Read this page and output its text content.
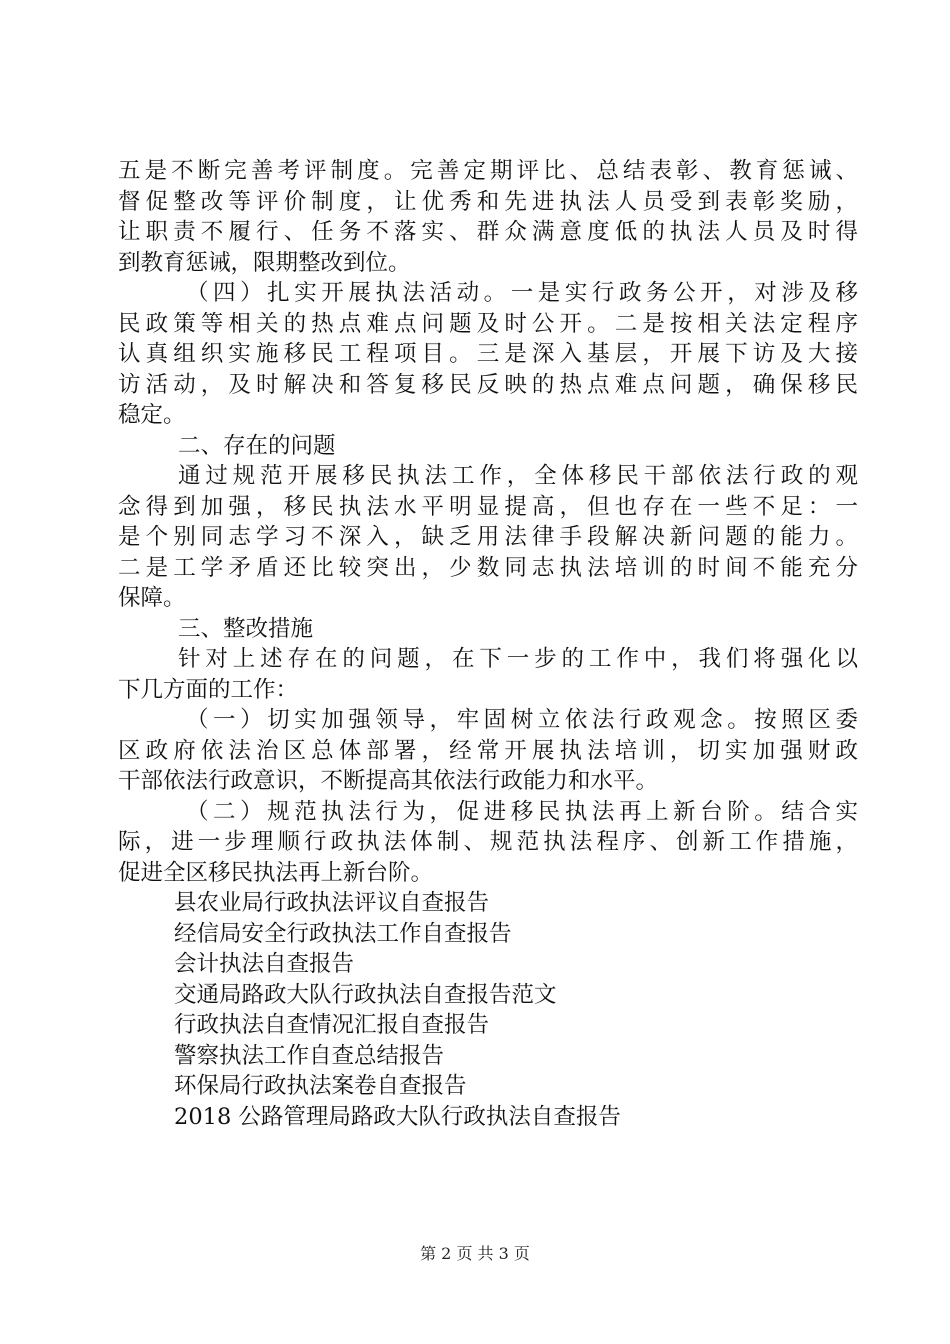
五是不断完善考评制度。完善定期评比、总结表彰、教育惩诫、
督促整改等评价制度，让优秀和先进执法人员受到表彰奖励，
让职责不履行、任务不落实、群众满意度低的执法人员及时得
到教育惩诫，限期整改到位。
（四）扎实开展执法活动。一是实行政务公开，对涉及移
民政策等相关的热点难点问题及时公开。二是按相关法定程序
认真组织实施移民工程项目。三是深入基层，开展下访及大接
访活动，及时解决和答复移民反映的热点难点问题，确保移民
稳定。
二、存在的问题
通过规范开展移民执法工作，全体移民干部依法行政的观
念得到加强，移民执法水平明显提高，但也存在一些不足：一
是个别同志学习不深入，缺乏用法律手段解决新问题的能力。
二是工学矛盾还比较突出，少数同志执法培训的时间不能充分
保障。
三、整改措施
针对上述存在的问题，在下一步的工作中，我们将强化以
下几方面的工作：
（一）切实加强领导，牢固树立依法行政观念。按照区委
区政府依法治区总体部署，经常开展执法培训，切实加强财政
干部依法行政意识，不断提高其依法行政能力和水平。
（二）规范执法行为，促进移民执法再上新台阶。结合实
际，进一步理顺行政执法体制、规范执法程序、创新工作措施，
促进全区移民执法再上新台阶。
县农业局行政执法评议自查报告
经信局安全行政执法工作自查报告
会计执法自查报告
交通局路政大队行政执法自查报告范文
行政执法自查情况汇报自查报告
警察执法工作自查总结报告
环保局行政执法案卷自查报告
2018 公路管理局路政大队行政执法自查报告
第 2 页 共 3 页
